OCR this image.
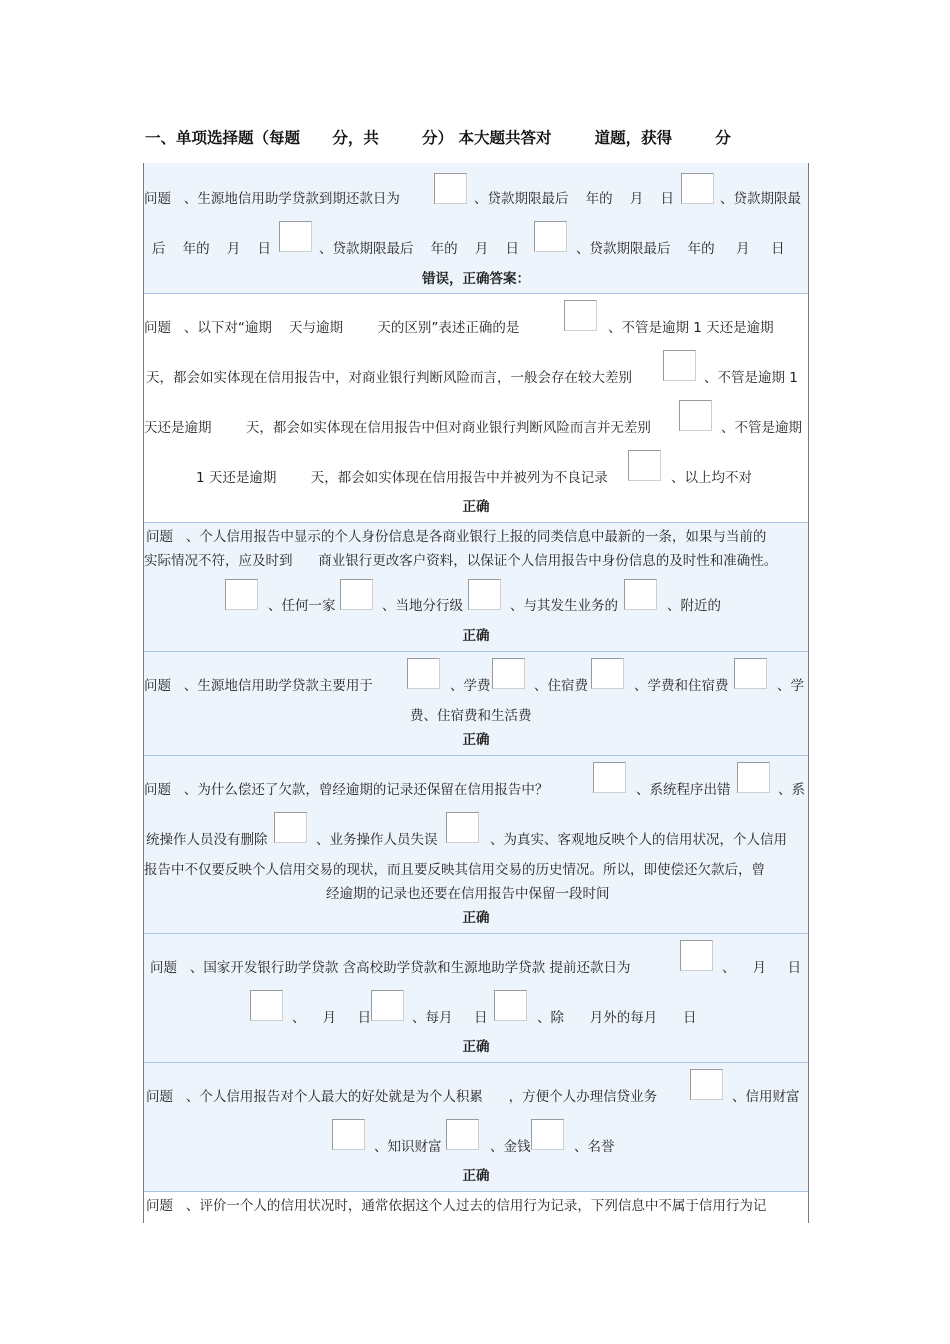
一、单项选择题（每题      分，共        分） 本大题共答对        道题，获得        分
问题   、生源地信用助学贷款到期还款日为	、贷款期限最后    年的    月    日	、贷款期限最
后    年的    月    日	、贷款期限最后    年的    月    日	、贷款期限最后    年的     月     日
错误，正确答案：
问题   、以下对“逾期    天与逾期        天的区别”表述正确的是	、不管是逾期 1 天还是逾期
天，都会如实体现在信用报告中，对商业银行判断风险而言，一般会存在较大差别	、不管是逾期 1
天还是逾期        天，都会如实体现在信用报告中但对商业银行判断风险而言并无差别	、不管是逾期
1 天还是逾期        天，都会如实体现在信用报告中并被列为不良记录	、以上均不对
正确
问题   、个人信用报告中显示的个人身份信息是各商业银行上报的同类信息中最新的一条，如果与当前的
实际情况不符，应及时到      商业银行更改客户资料，以保证个人信用报告中身份信息的及时性和准确性。
、任何一家	、当地分行级	、与其发生业务的	、附近的
正确
问题   、生源地信用助学贷款主要用于	、学费	、住宿费	、学费和住宿费	、学
费、住宿费和生活费
正确
问题   、为什么偿还了欠款，曾经逾期的记录还保留在信用报告中？	、系统程序出错	、系
统操作人员没有删除	、业务操作人员失误	、为真实、客观地反映个人的信用状况，个人信用
报告中不仅要反映个人信用交易的现状，而且要反映其信用交易的历史情况。所以，即使偿还欠款后，曾
经逾期的记录也还要在信用报告中保留一段时间
正确
问题   、国家开发银行助学贷款 含高校助学贷款和生源地助学贷款 提前还款日为	、    月     日
、    月     日	、每月     日	、除      月外的每月      日
正确
问题   、个人信用报告对个人最大的好处就是为个人积累      ，方便个人办理信贷业务	、信用财富
、知识财富	、金钱	、名誉
正确
问题   、评价一个人的信用状况时，通常依据这个人过去的信用行为记录，下列信息中不属于信用行为记
